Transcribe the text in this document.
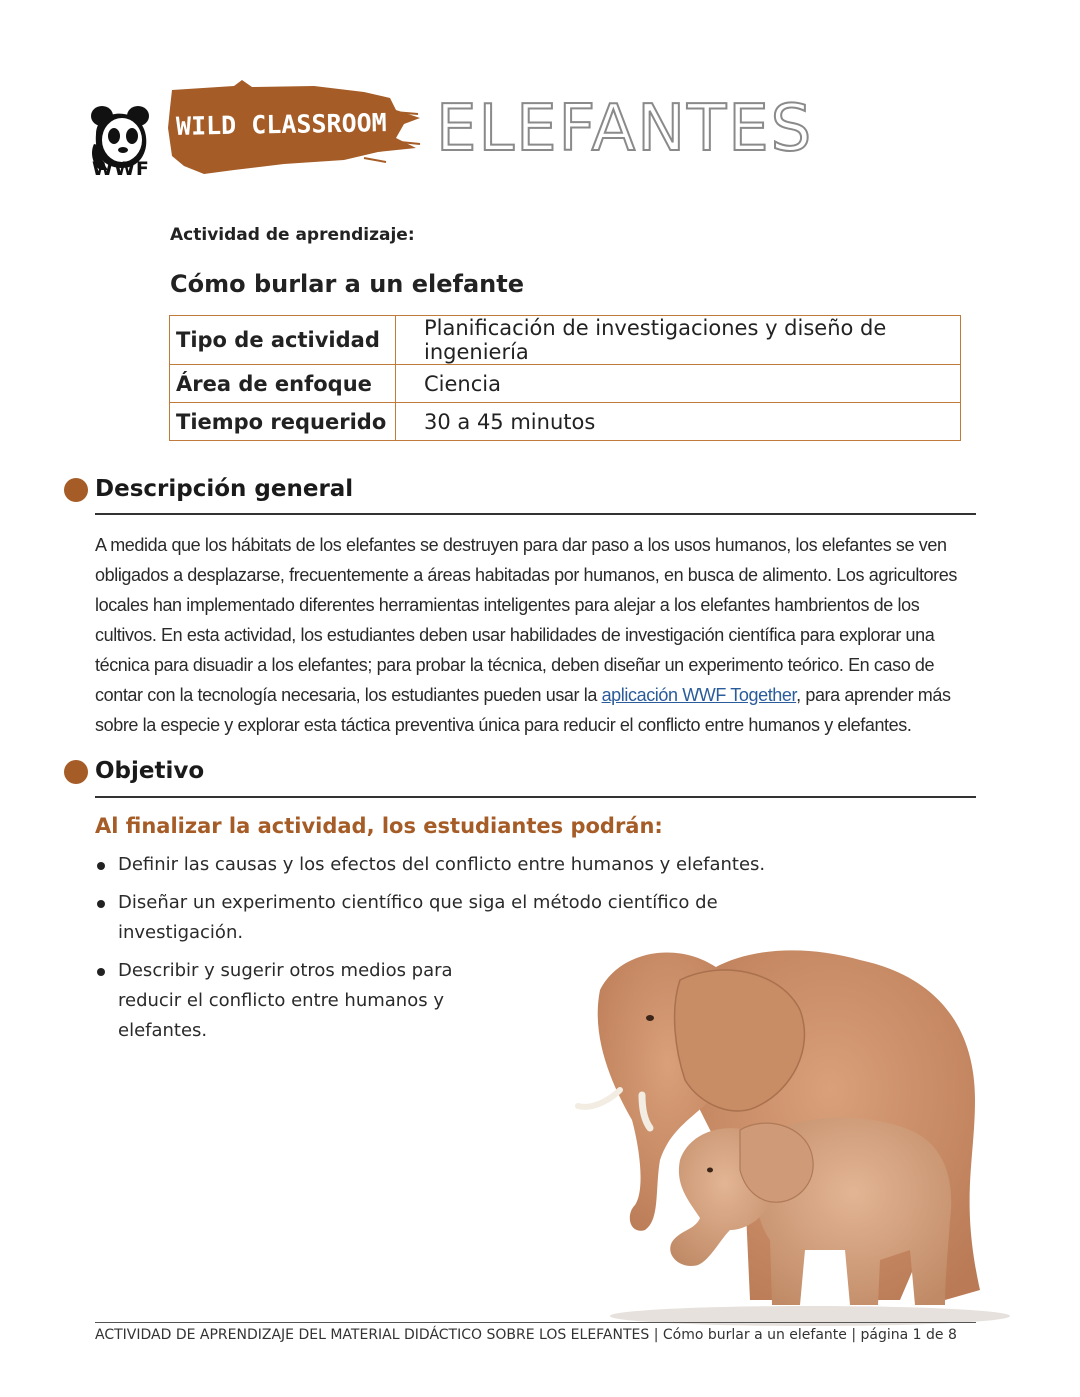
WWF
WILD CLASSROOM ELEFANTES
Actividad de aprendizaje:
Cómo burlar a un elefante
Tipo de actividad	Planificación de investigaciones y diseño de ingeniería
Área de enfoque	Ciencia
Tiempo requerido	30 a 45 minutos
Descripción general
A medida que los hábitats de los elefantes se destruyen para dar paso a los usos humanos, los elefantes se ven obligados a desplazarse, frecuentemente a áreas habitadas por humanos, en busca de alimento. Los agricultores locales han implementado diferentes herramientas inteligentes para alejar a los elefantes hambrientos de los cultivos. En esta actividad, los estudiantes deben usar habilidades de investigación científica para explorar una técnica para disuadir a los elefantes; para probar la técnica, deben diseñar un experimento teórico. En caso de contar con la tecnología necesaria, los estudiantes pueden usar la aplicación WWF Together, para aprender más sobre la especie y explorar esta táctica preventiva única para reducir el conflicto entre humanos y elefantes.
Objetivo
Al finalizar la actividad, los estudiantes podrán:
Definir las causas y los efectos del conflicto entre humanos y elefantes.
Diseñar un experimento científico que siga el método científico de investigación.
Describir y sugerir otros medios para reducir el conflicto entre humanos y elefantes.
ACTIVIDAD DE APRENDIZAJE DEL MATERIAL DIDÁCTICO SOBRE LOS ELEFANTES | Cómo burlar a un elefante | página 1 de 8
